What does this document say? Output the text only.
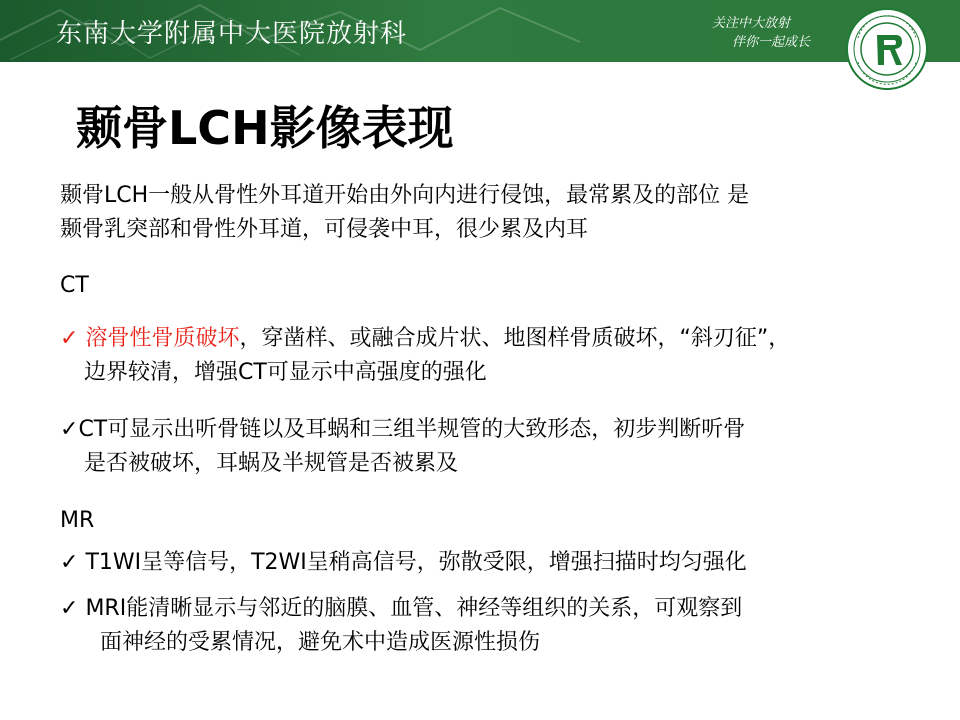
东南大学附属中大医院放射科	关注中大放射
伴你一起成长
颞骨LCH影像表现
颞骨LCH一般从骨性外耳道开始由外向内进行侵蚀，最常累及的部位 是
颞骨乳突部和骨性外耳道，可侵袭中耳，很少累及内耳
CT
✓ 溶骨性骨质破坏，穿凿样、或融合成片状、地图样骨质破坏，“斜刃征”，
边界较清，增强CT可显示中高强度的强化
✓CT可显示出听骨链以及耳蜗和三组半规管的大致形态，初步判断听骨
是否被破坏，耳蜗及半规管是否被累及
MR
✓ T1WI呈等信号，T2WI呈稍高信号，弥散受限，增强扫描时均匀强化
✓ MRI能清晰显示与邻近的脑膜、血管、神经等组织的关系，可观察到
面神经的受累情况，避免术中造成医源性损伤
